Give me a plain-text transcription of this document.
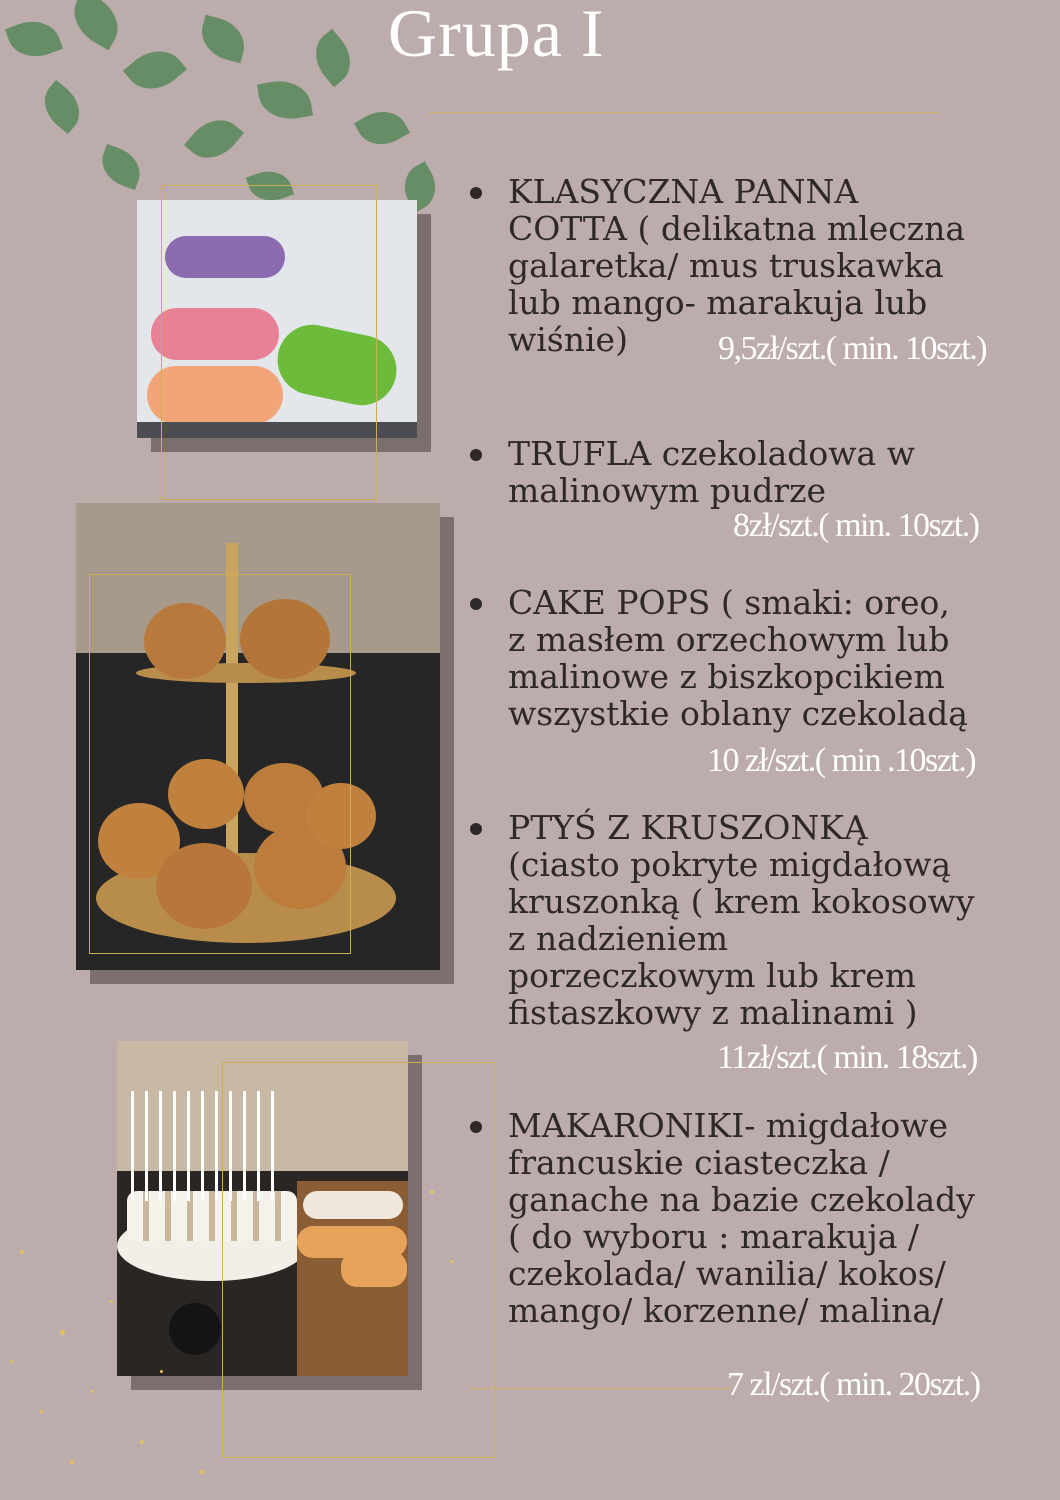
Grupa I
KLASYCZNA PANNA
COTTA ( delikatna mleczna
galaretka/ mus truskawka
lub mango- marakuja lub
wiśnie)	9,5zł/szt.( min. 10szt.)
TRUFLA czekoladowa w
malinowym pudrze
8zł/szt.( min. 10szt.)
CAKE POPS ( smaki: oreo,
z masłem orzechowym lub
malinowe z biszkopcikiem
wszystkie oblany czekoladą
10 zł/szt.( min .10szt.)
PTYŚ Z KRUSZONKĄ
(ciasto pokryte migdałową
kruszonką ( krem kokosowy
z nadzieniem
porzeczkowym lub krem
fistaszkowy z malinami )
11zł/szt.( min. 18szt.)
MAKARONIKI- migdałowe
francuskie ciasteczka /
ganache na bazie czekolady
( do wyboru : marakuja /
czekolada/ wanilia/ kokos/
mango/ korzenne/ malina/
7 zl/szt.( min. 20szt.)
